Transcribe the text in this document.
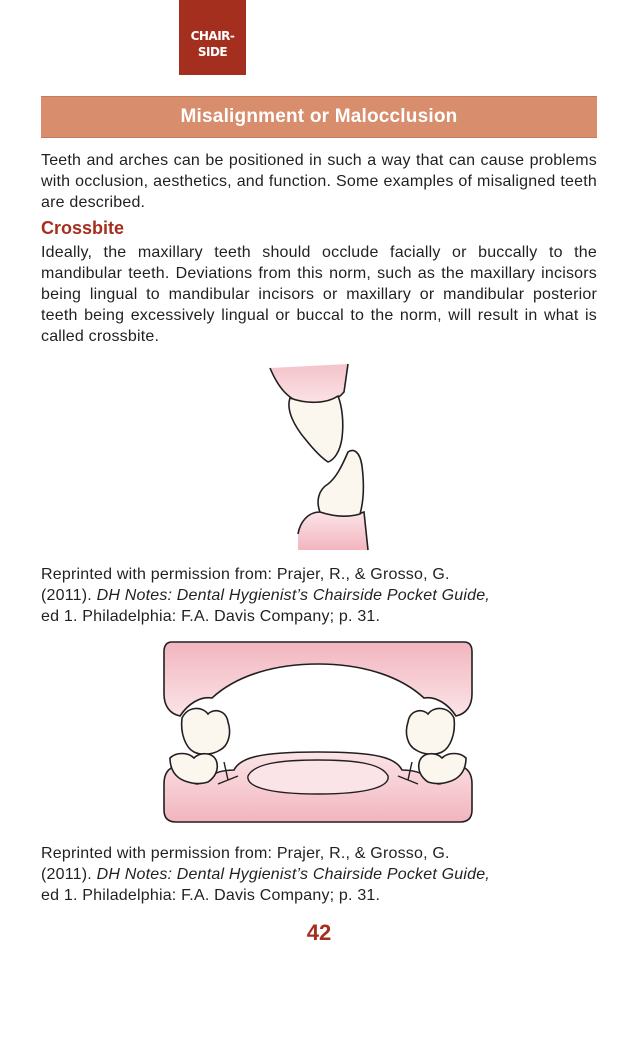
CHAIR-
SIDE
Misalignment or Malocclusion

Teeth and arches can be positioned in such a way that can cause problems with occlusion, aesthetics, and function. Some examples of misaligned teeth are described.

Crossbite

Ideally, the maxillary teeth should occlude facially or buccally to the mandibular teeth. Deviations from this norm, such as the maxillary incisors being lingual to mandibular incisors or maxillary or mandibular posterior teeth being excessively lingual or buccal to the norm, will result in what is called crossbite.

Reprinted with permission from: Prajer, R., & Grosso, G.
(2011). DH Notes: Dental Hygienist’s Chairside Pocket Guide,
ed 1. Philadelphia: F.A. Davis Company; p. 31.

Reprinted with permission from: Prajer, R., & Grosso, G.
(2011). DH Notes: Dental Hygienist’s Chairside Pocket Guide,
ed 1. Philadelphia: F.A. Davis Company; p. 31.

42
